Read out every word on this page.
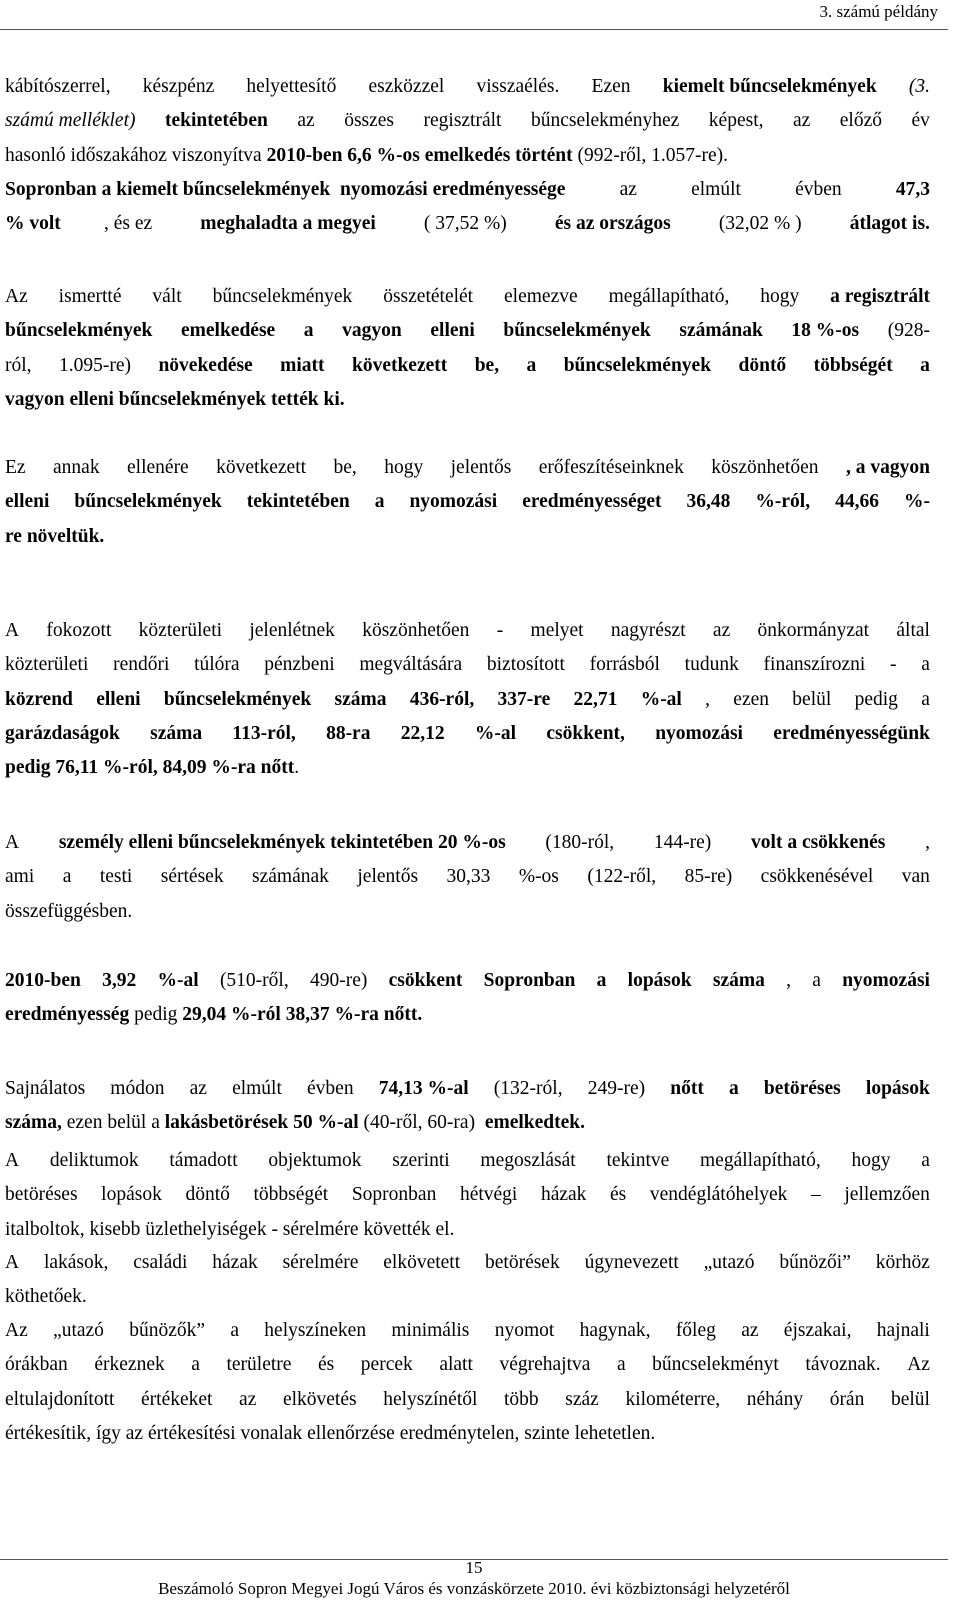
3. számú példány
kábítószerrel, készpénz helyettesítő eszközzel visszaélés. Ezen kiemelt bűncselekmények (3.
számú melléklet) tekintetében az összes regisztrált bűncselekményhez képest, az előző év
hasonló időszakához viszonyítva 2010-ben 6,6 %-os emelkedés történt (992-ről, 1.057-re).
Sopronban a kiemelt bűncselekmények  nyomozási eredményessége	az	elmúlt	évben	47,3
% volt , és ez meghaladta a megyei ( 37,52 %) és az országos (32,02 % ) átlagot is.
Az ismertté vált bűncselekmények összetételét elemezve megállapítható, hogy a regisztrált
bűncselekmények emelkedése a vagyon elleni bűncselekmények számának 18 %-os (928-
ról, 1.095-re) növekedése miatt következett be, a bűncselekmények döntő többségét a
vagyon elleni bűncselekmények tették ki.
Ez annak ellenére következett be, hogy jelentős erőfeszítéseinknek köszönhetően , a vagyon
elleni bűncselekmények tekintetében a nyomozási eredményességet 36,48 %-ról, 44,66 %-
re növeltük.
A fokozott közterületi jelenlétnek köszönhetően - melyet nagyrészt az önkormányzat által
közterületi rendőri túlóra pénzbeni megváltására biztosított forrásból tudunk finanszírozni - a
közrend elleni bűncselekmények száma 436-ról, 337-re 22,71 %-al , ezen belül pedig a
garázdaságok száma 113-ról, 88-ra 22,12 %-al csökkent, nyomozási eredményességünk
pedig 76,11 %-ról, 84,09 %-ra nőtt.
A személy elleni bűncselekmények tekintetében 20 %-os (180-ról, 144-re) volt a csökkenés ,
ami a testi sértések számának jelentős 30,33 %-os (122-ről, 85-re) csökkenésével van
összefüggésben.
2010-ben 3,92 %-al (510-ről, 490-re) csökkent Sopronban a lopások száma , a nyomozási
eredményesség pedig 29,04 %-ról 38,37 %-ra nőtt.
Sajnálatos módon az elmúlt évben 74,13 %-al (132-ról, 249-re) nőtt a betöréses lopások
száma, ezen belül a lakásbetörések 50 %-al (40-ről, 60-ra)  emelkedtek.
A deliktumok támadott objektumok szerinti megoszlását tekintve megállapítható, hogy a
betöréses lopások döntő többségét Sopronban hétvégi házak és vendéglátóhelyek – jellemzően
italboltok, kisebb üzlethelyiségek - sérelmére követték el.
A lakások, családi házak sérelmére elkövetett betörések úgynevezett „utazó bűnözői” körhöz
köthetőek.
Az „utazó bűnözők” a helyszíneken minimális nyomot hagynak, főleg az éjszakai, hajnali
órákban érkeznek a területre és percek alatt végrehajtva a bűncselekményt távoznak. Az
eltulajdonított értékeket az elkövetés helyszínétől több száz kilométerre, néhány órán belül
értékesítik, így az értékesítési vonalak ellenőrzése eredménytelen, szinte lehetetlen.
15
Beszámoló Sopron Megyei Jogú Város és vonzáskörzete 2010. évi közbiztonsági helyzetéről
